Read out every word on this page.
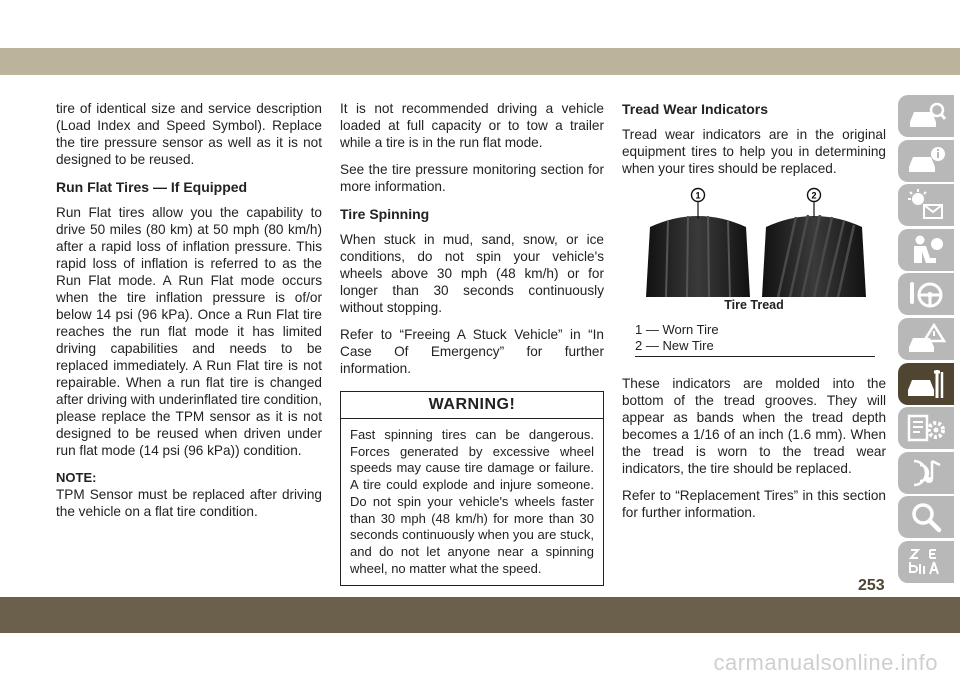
tire of identical size and service description (Load Index and Speed Symbol). Replace the tire pressure sensor as well as it is not designed to be reused.

Run Flat Tires — If Equipped

Run Flat tires allow you the capability to drive 50 miles (80 km) at 50 mph (80 km/h) after a rapid loss of inflation pressure. This rapid loss of inflation is referred to as the Run Flat mode. A Run Flat mode occurs when the tire inflation pressure is of/or below 14 psi (96 kPa). Once a Run Flat tire reaches the run flat mode it has limited driving capabilities and needs to be replaced immediately. A Run Flat tire is not repairable. When a run flat tire is changed after driving with underinflated tire condition, please replace the TPM sensor as it is not designed to be reused when driven under run flat mode (14 psi (96 kPa)) condition.

NOTE:

TPM Sensor must be replaced after driving the vehicle on a flat tire condition.

It is not recommended driving a vehicle loaded at full capacity or to tow a trailer while a tire is in the run flat mode.

See the tire pressure monitoring section for more information.

Tire Spinning

When stuck in mud, sand, snow, or ice conditions, do not spin your vehicle's wheels above 30 mph (48 km/h) or for longer than 30 seconds continuously without stopping.

Refer to “Freeing A Stuck Vehicle” in “In Case Of Emergency” for further information.

WARNING!
Fast spinning tires can be dangerous. Forces generated by excessive wheel speeds may cause tire damage or failure. A tire could explode and injure someone. Do not spin your vehicle's wheels faster than 30 mph (48 km/h) for more than 30 seconds continuously when you are stuck, and do not let anyone near a spinning wheel, no matter what the speed.
Tread Wear Indicators

Tread wear indicators are in the original equipment tires to help you in determining when your tires should be replaced.

1	2
Tire Tread

1 — Worn Tire

2 — New Tire

These indicators are molded into the bottom of the tread grooves. They will appear as bands when the tread depth becomes a 1/16 of an inch (1.6 mm). When the tread is worn to the tread wear indicators, the tire should be replaced.

Refer to “Replacement Tires” in this section for further information.

253
carmanualsonline.info
